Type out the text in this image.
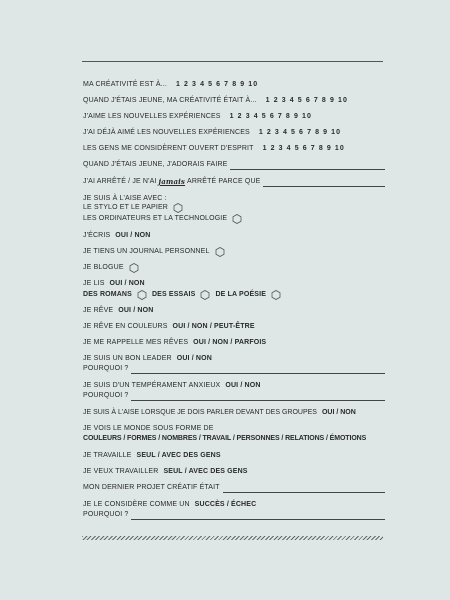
MA CRÉATIVITÉ EST À... 1 2 3 4 5 6 7 8 9 10
QUAND J'ÉTAIS JEUNE, MA CRÉATIVITÉ ÉTAIT À... 1 2 3 4 5 6 7 8 9 10
J'AIME LES NOUVELLES EXPÉRIENCES 1 2 3 4 5 6 7 8 9 10
J'AI DÉJÀ AIMÉ LES NOUVELLES EXPÉRIENCES 1 2 3 4 5 6 7 8 9 10
LES GENS ME CONSIDÈRENT OUVERT D'ESPRIT 1 2 3 4 5 6 7 8 9 10
QUAND J'ÉTAIS JEUNE, J'ADORAIS FAIRE
J'AI ARRÊTÉ / JE N'AI jamais ARRÊTÉ PARCE QUE
JE SUIS À L'AISE AVEC :
LE STYLO ET LE PAPIER
LES ORDINATEURS ET LA TECHNOLOGIE
J'ÉCRIS OUI / NON
JE TIENS UN JOURNAL PERSONNEL
JE BLOGUE
JE LIS OUI / NON
DES ROMANS	DES ESSAIS	DE LA POÉSIE
JE RÊVE OUI / NON
JE RÊVE EN COULEURS OUI / NON / PEUT-ÊTRE
JE ME RAPPELLE MES RÊVES OUI / NON / PARFOIS
JE SUIS UN BON LEADER OUI / NON
POURQUOI ?
JE SUIS D'UN TEMPÉRAMENT ANXIEUX OUI / NON
POURQUOI ?
JE SUIS À L'AISE LORSQUE JE DOIS PARLER DEVANT DES GROUPES OUI / NON
JE VOIS LE MONDE SOUS FORME DE
COULEURS / FORMES / NOMBRES / TRAVAIL / PERSONNES / RELATIONS / ÉMOTIONS
JE TRAVAILLE SEUL / AVEC DES GENS
JE VEUX TRAVAILLER SEUL / AVEC DES GENS
MON DERNIER PROJET CRÉATIF ÉTAIT
JE LE CONSIDÈRE COMME UN SUCCÈS / ÉCHEC
POURQUOI ?
